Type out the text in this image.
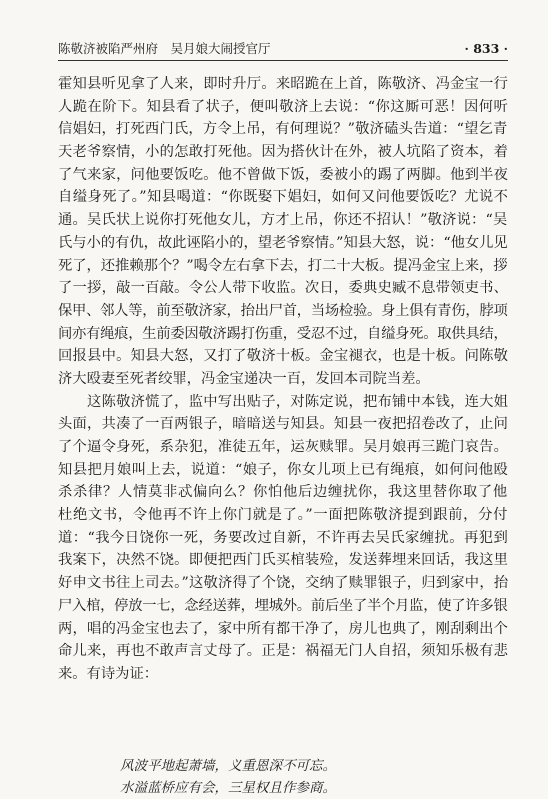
陈敬济被陷严州府　吴月娘大闹授官厅	· 833 ·
霍知县听见拿了人来，即时升厅。来昭跪在上首，陈敬济、冯金宝一行
人跪在阶下。知县看了状子，便叫敬济上去说：“你这厮可恶！因何听
信娼妇，打死西门氏，方令上吊，有何理说？”敬济磕头告道：“望乞青
天老爷察情，小的怎敢打死他。因为搭伙计在外，被人坑陷了资本，着
了气来家，问他要饭吃。他不曾做下饭，委被小的踢了两脚。他到半夜
自缢身死了。”知县喝道：“你既娶下娼妇，如何又问他要饭吃？尤说不
通。吴氏状上说你打死他女儿，方才上吊，你还不招认！”敬济说：“吴
氏与小的有仇，故此诬陷小的，望老爷察情。”知县大怒，说：“他女儿见
死了，还推赖那个？”喝令左右拿下去，打二十大板。提冯金宝上来，拶
了一拶，敲一百敲。令公人带下收监。次日，委典史臧不息带领吏书、
保甲、邻人等，前至敬济家，抬出尸首，当场检验。身上俱有青伤，脖项
间亦有绳痕，生前委因敬济踢打伤重，受忍不过，自缢身死。取供具结，
回报县中。知县大怒，又打了敬济十板。金宝褪衣，也是十板。问陈敬
济大殴妻至死者绞罪，冯金宝递决一百，发回本司院当差。
　　这陈敬济慌了，监中写出贴子，对陈定说，把布铺中本钱，连大姐
头面，共凑了一百两银子，暗暗送与知县。知县一夜把招卷改了，止问
了个逼令身死，系杂犯，准徒五年，运灰赎罪。吴月娘再三跪门哀告。
知县把月娘叫上去，说道：“娘子，你女儿项上已有绳痕，如何问他殴
杀杀律？人情莫非忒偏向么？你怕他后边缠扰你，我这里替你取了他
杜绝文书，令他再不许上你门就是了。”一面把陈敬济提到跟前，分付
道：“我今日饶你一死，务要改过自新，不许再去吴氏家缠扰。再犯到
我案下，决然不饶。即便把西门氏买棺装殓，发送葬埋来回话，我这里
好申文书往上司去。”这敬济得了个饶，交纳了赎罪银子，归到家中，抬
尸入棺，停放一七，念经送葬，埋城外。前后坐了半个月监，使了许多银
两，唱的冯金宝也去了，家中所有都干净了，房儿也典了，刚刮剩出个
命儿来，再也不敢声言丈母了。正是：祸福无门人自招，须知乐极有悲
来。有诗为证：
风波平地起萧墙，义重恩深不可忘。
水溢蓝桥应有会，三星权且作参商。
